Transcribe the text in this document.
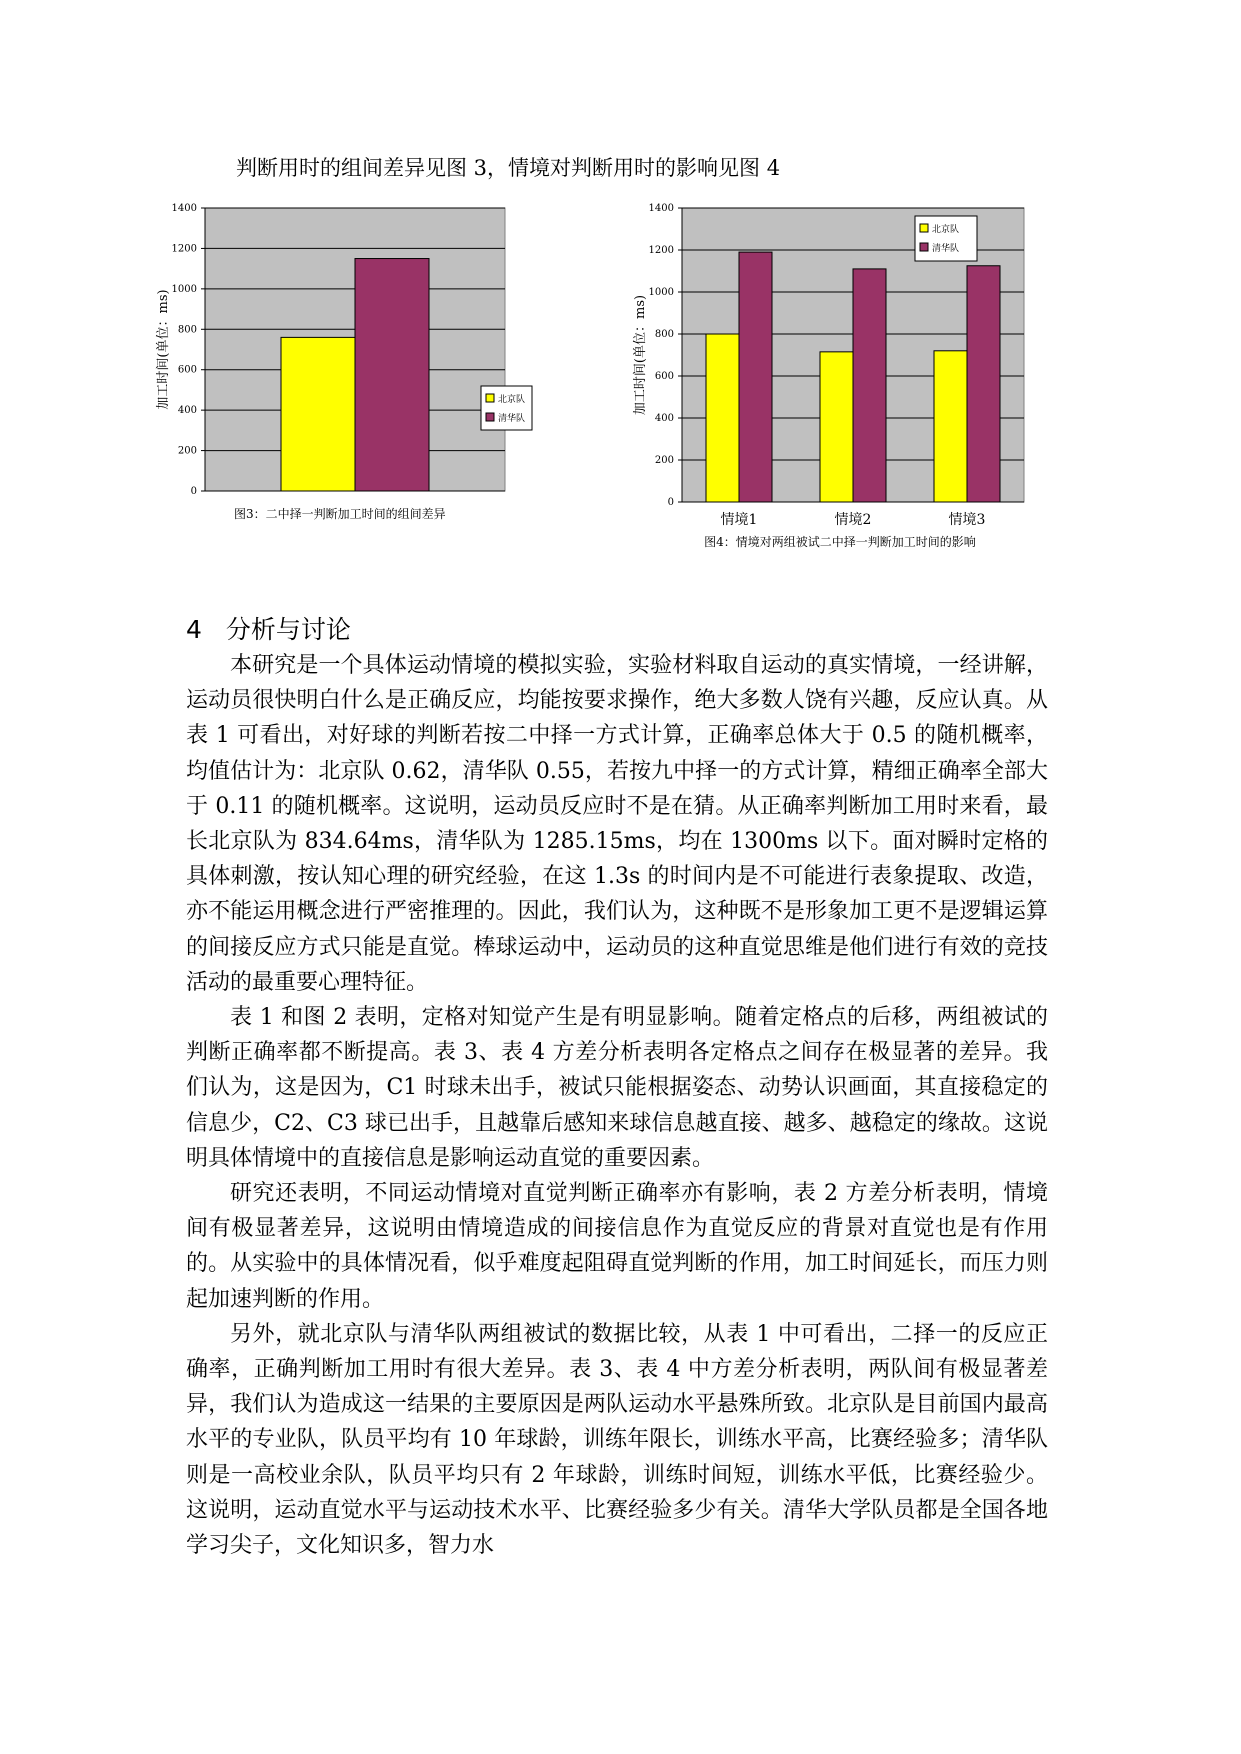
判断用时的组间差异见图 3，情境对判断用时的影响见图 4
0
200
400
600
800
1000
1200
1400
加工时间(单位：ms)	北京队
清华队
图3：二中择一判断加工时间的组间差异
0
200
400
600
800
1000
1200
1400
情境1	情境2	情境3
加工时间(单位：ms)
北京队
清华队
图4：情境对两组被试二中择一判断加工时间的影响
4 分析与讨论

本研究是一个具体运动情境的模拟实验，实验材料取自运动的真实情境，一经讲解，运动员很快明白什么是正确反应，均能按要求操作，绝大多数人饶有兴趣，反应认真。从表 1 可看出，对好球的判断若按二中择一方式计算，正确率总体大于 0.5 的随机概率，均值估计为：北京队 0.62，清华队 0.55，若按九中择一的方式计算，精细正确率全部大于 0.11 的随机概率。这说明，运动员反应时不是在猜。从正确率判断加工用时来看，最长北京队为 834.64ms，清华队为 1285.15ms，均在 1300ms 以下。面对瞬时定格的具体刺激，按认知心理的研究经验，在这 1.3s 的时间内是不可能进行表象提取、改造，亦不能运用概念进行严密推理的。因此，我们认为，这种既不是形象加工更不是逻辑运算的间接反应方式只能是直觉。棒球运动中，运动员的这种直觉思维是他们进行有效的竞技活动的最重要心理特征。

表 1 和图 2 表明，定格对知觉产生是有明显影响。随着定格点的后移，两组被试的判断正确率都不断提高。表 3、表 4 方差分析表明各定格点之间存在极显著的差异。我们认为，这是因为，C1 时球未出手，被试只能根据姿态、动势认识画面，其直接稳定的信息少，C2、C3 球已出手，且越靠后感知来球信息越直接、越多、越稳定的缘故。这说明具体情境中的直接信息是影响运动直觉的重要因素。

研究还表明，不同运动情境对直觉判断正确率亦有影响，表 2 方差分析表明，情境间有极显著差异，这说明由情境造成的间接信息作为直觉反应的背景对直觉也是有作用的。从实验中的具体情况看，似乎难度起阻碍直觉判断的作用，加工时间延长，而压力则起加速判断的作用。

另外，就北京队与清华队两组被试的数据比较，从表 1 中可看出，二择一的反应正确率，正确判断加工用时有很大差异。表 3、表 4 中方差分析表明，两队间有极显著差异，我们认为造成这一结果的主要原因是两队运动水平悬殊所致。北京队是目前国内最高水平的专业队，队员平均有 10 年球龄，训练年限长，训练水平高，比赛经验多；清华队则是一高校业余队，队员平均只有 2 年球龄，训练时间短，训练水平低，比赛经验少。这说明，运动直觉水平与运动技术水平、比赛经验多少有关。清华大学队员都是全国各地学习尖子，文化知识多，智力水
